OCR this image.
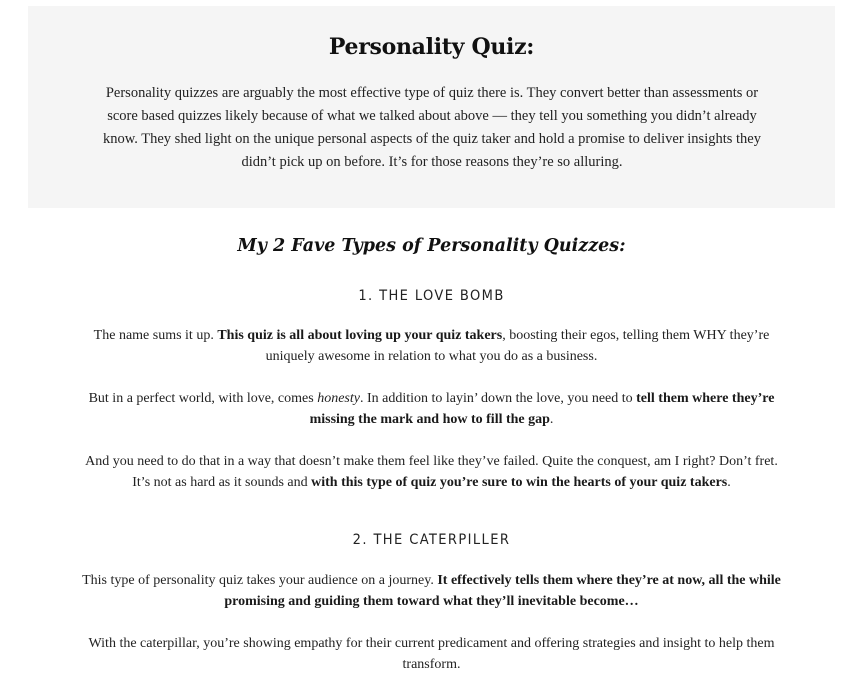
Personality Quiz:

Personality quizzes are arguably the most effective type of quiz there is. They convert better than assessments or score based quizzes likely because of what we talked about above — they tell you something you didn’t already know. They shed light on the unique personal aspects of the quiz taker and hold a promise to deliver insights they didn’t pick up on before. It’s for those reasons they’re so alluring.

My 2 Fave Types of Personality Quizzes:
1. THE LOVE BOMB

The name sums it up. This quiz is all about loving up your quiz takers, boosting their egos, telling them WHY they’re uniquely awesome in relation to what you do as a business.

But in a perfect world, with love, comes honesty. In addition to layin’ down the love, you need to tell them where they’re missing the mark and how to fill the gap.

And you need to do that in a way that doesn’t make them feel like they’ve failed. Quite the conquest, am I right? Don’t fret. It’s not as hard as it sounds and with this type of quiz you’re sure to win the hearts of your quiz takers.

2. THE CATERPILLER

This type of personality quiz takes your audience on a journey. It effectively tells them where they’re at now, all the while promising and guiding them toward what they’ll inevitable become…

With the caterpillar, you’re showing empathy for their current predicament and offering strategies and insight to help them transform.
